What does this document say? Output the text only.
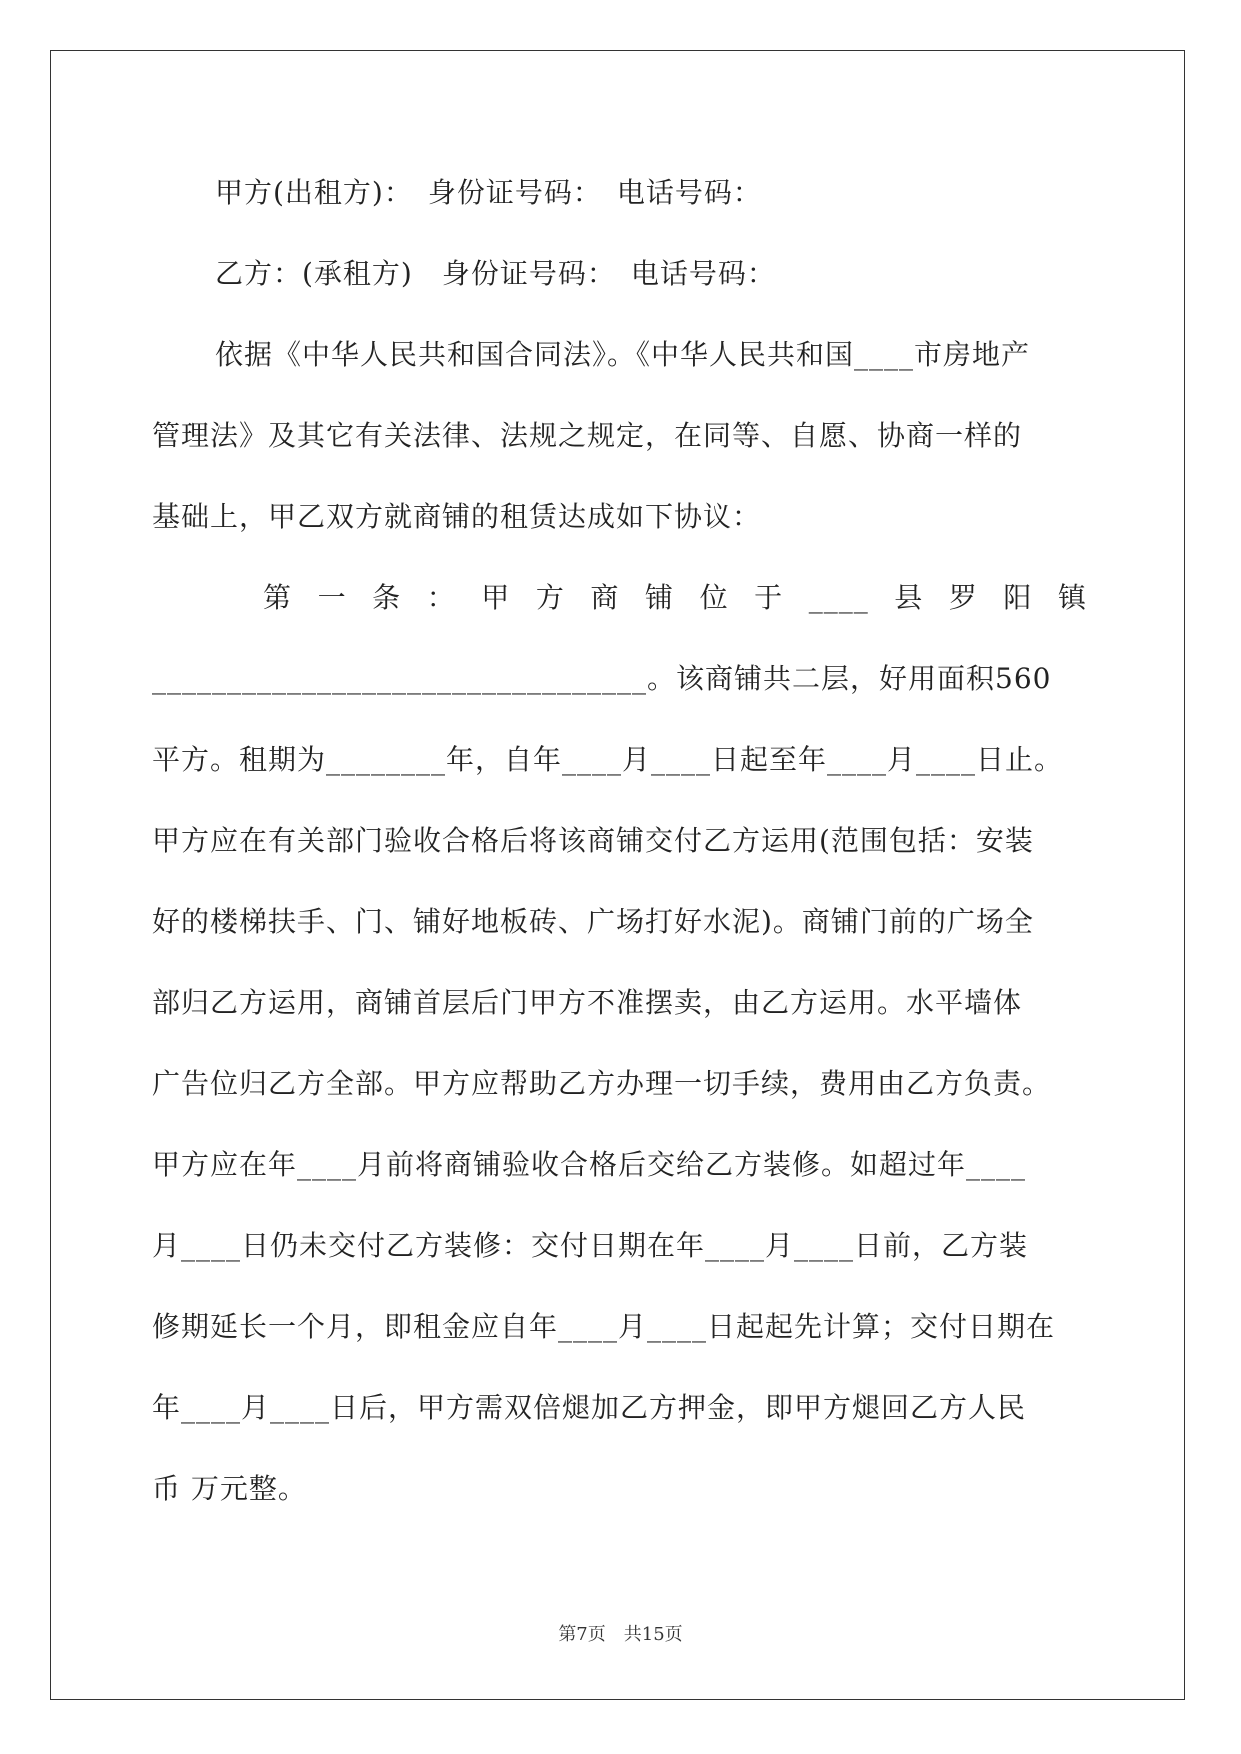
甲方(出租方)：　身份证号码：　电话号码：
乙方：(承租方)　身份证号码：　电话号码：
依据《中华人民共和国合同法》。《中华人民共和国____市房地产
管理法》及其它有关法律、法规之规定，在同等、自愿、协商一样的
基础上，甲乙双方就商铺的租赁达成如下协议：
第一条：甲方商铺位于____县罗阳镇
_________________________________。该商铺共二层，好用面积560
平方。租期为________年，自年____月____日起至年____月____日止。
甲方应在有关部门验收合格后将该商铺交付乙方运用(范围包括：安装
好的楼梯扶手、门、铺好地板砖、广场打好水泥)。商铺门前的广场全
部归乙方运用，商铺首层后门甲方不准摆卖，由乙方运用。水平墙体
广告位归乙方全部。甲方应帮助乙方办理一切手续，费用由乙方负责。
甲方应在年____月前将商铺验收合格后交给乙方装修。如超过年____
月____日仍未交付乙方装修：交付日期在年____月____日前，乙方装
修期延长一个月，即租金应自年____月____日起起先计算；交付日期在
年____月____日后，甲方需双倍煺加乙方押金，即甲方煺回乙方人民
币 万元整。
第7页　共15页
